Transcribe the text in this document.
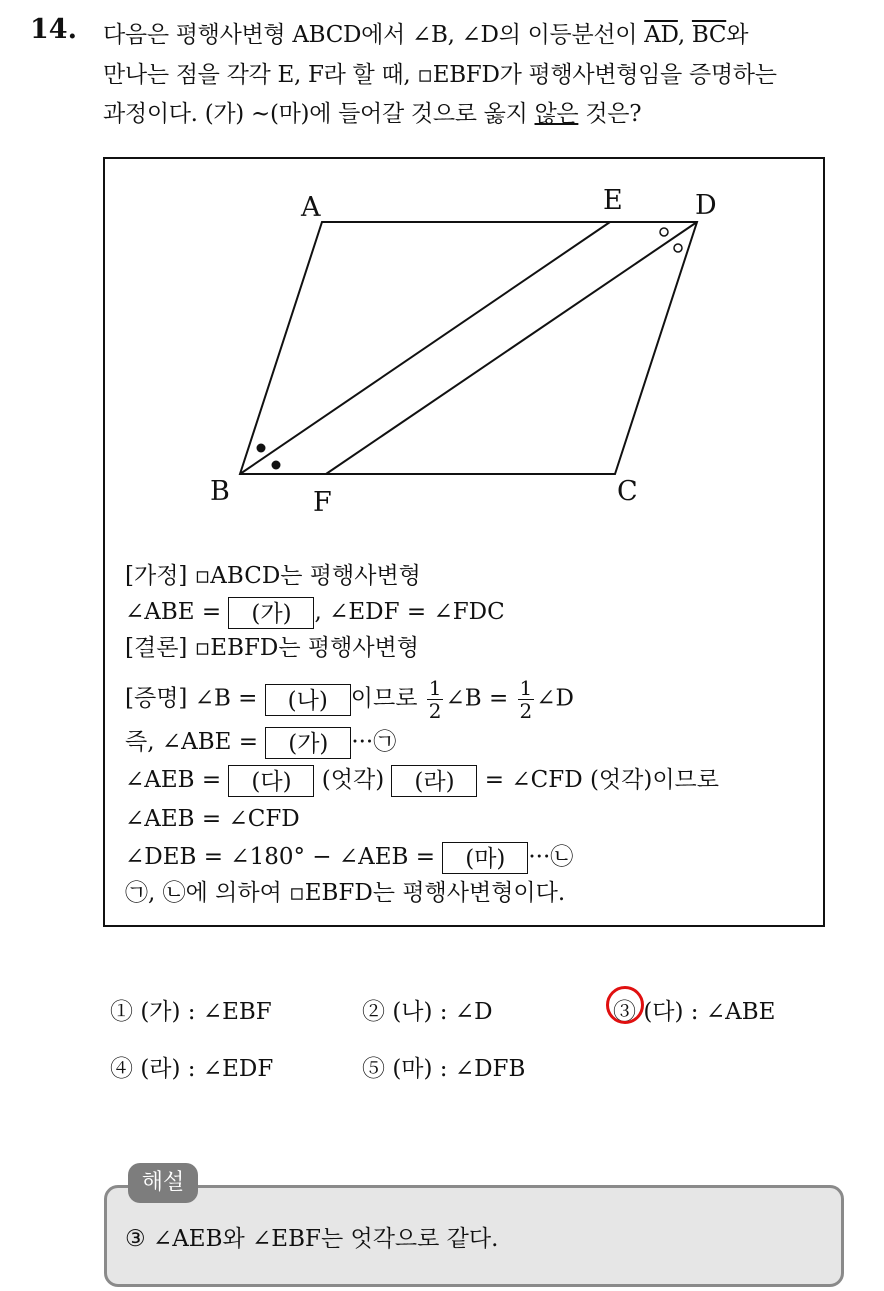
14. 다음은 평행사변형 ABCD에서 ∠B, ∠D의 이등분선이 $\overline{AD}$, $\overline{BC}$와
만나는 점을 각각 E, F라 할 때, ▫EBFD가 평행사변형임을 증명하는
과정이다. (가) ~(마)에 들어갈 것으로 옳지 않은 것은?
A	E	D
B	F	C
[가정] ▫ABCD는 평행사변형
∠ABE = (가) , ∠EDF = ∠FDC
[결론] ▫EBFD는 평행사변형
[증명] ∠B = (나) 이므로 $\frac{1}{2}$ ∠B = $\frac{1}{2}$ ∠D
즉, ∠ABE = (가) ···㉠
∠AEB = (다) (엇각) (라) = ∠CFD (엇각)이므로
∠AEB = ∠CFD
∠DEB = ∠180° − ∠AEB = (마) ···㉡
㉠, ㉡에 의하여 ▫EBFD는 평행사변형이다.
① (가) : ∠EBF	② (나) : ∠D	③ (다) : ∠ABE
④ (라) : ∠EDF	⑤ (마) : ∠DFB
해설
③ ∠AEB와 ∠EBF는 엇각으로 같다.
